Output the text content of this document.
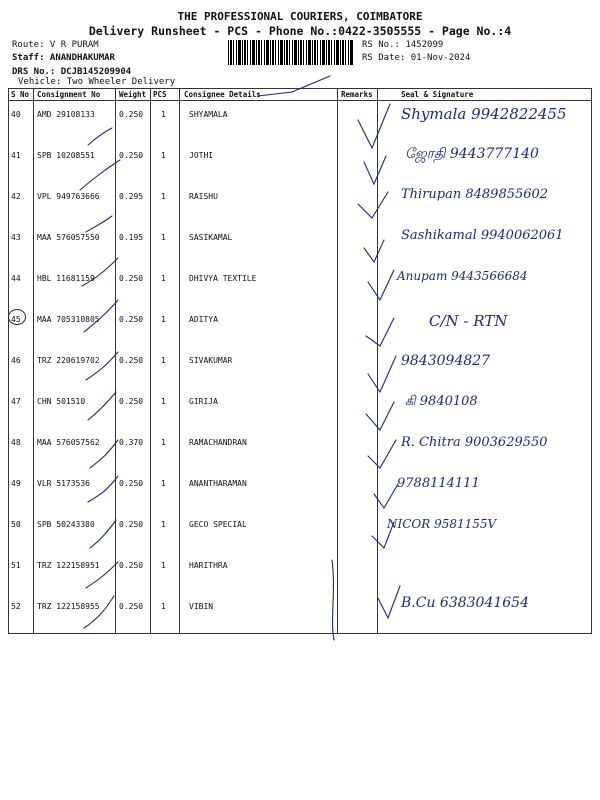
THE PROFESSIONAL COURIERS, COIMBATORE
Delivery Runsheet - PCS - Phone No.:0422-3505555 - Page No.:4
Route: V R PURAM
Staff: ANANDHAKUMAR
DRS No.: DCJB145209904
Vehicle: Two Wheeler Delivery
RS No.: 1452099
RS Date: 01-Nov-2024
S No Consignment No	Weight PCS Consignee Details	Remarks	Seal & Signature
40 AMD 29108133	0.250 1	SHYAMALA	Shymala 9942822455
41 SPB 10208551	0.250 1	JOTHI	ஜோதி 9443777140
42 VPL 949763666 0.295 1	RAISHU	Thirupan 8489855602
43 MAA 576057550 0.195 1	SASIKAMAL	Sashikamal 9940062061
44 HBL 11681159	0.250 1	DHIVYA TEXTILE	Anupam 9443566684
45 MAA 705310805 0.250 1	ADITYA	C/N - RTN
46 TRZ 220619702 0.250 1	SIVAKUMAR	9843094827
47 CHN 501510	0.250 1	GIRIJA	கி 9840108
48 MAA 576057562 0.370 1	RAMACHANDRAN	R. Chitra 9003629550
49 VLR 5173536	0.250 1	ANANTHARAMAN	9788114111
50 SPB 50243380	0.250 1	GECO SPECIAL	NICOR 9581155V
51 TRZ 122158951 0.250 1	HARITHRA
52 TRZ 122158955 0.250 1	VIBIN	B.Cu 6383041654
